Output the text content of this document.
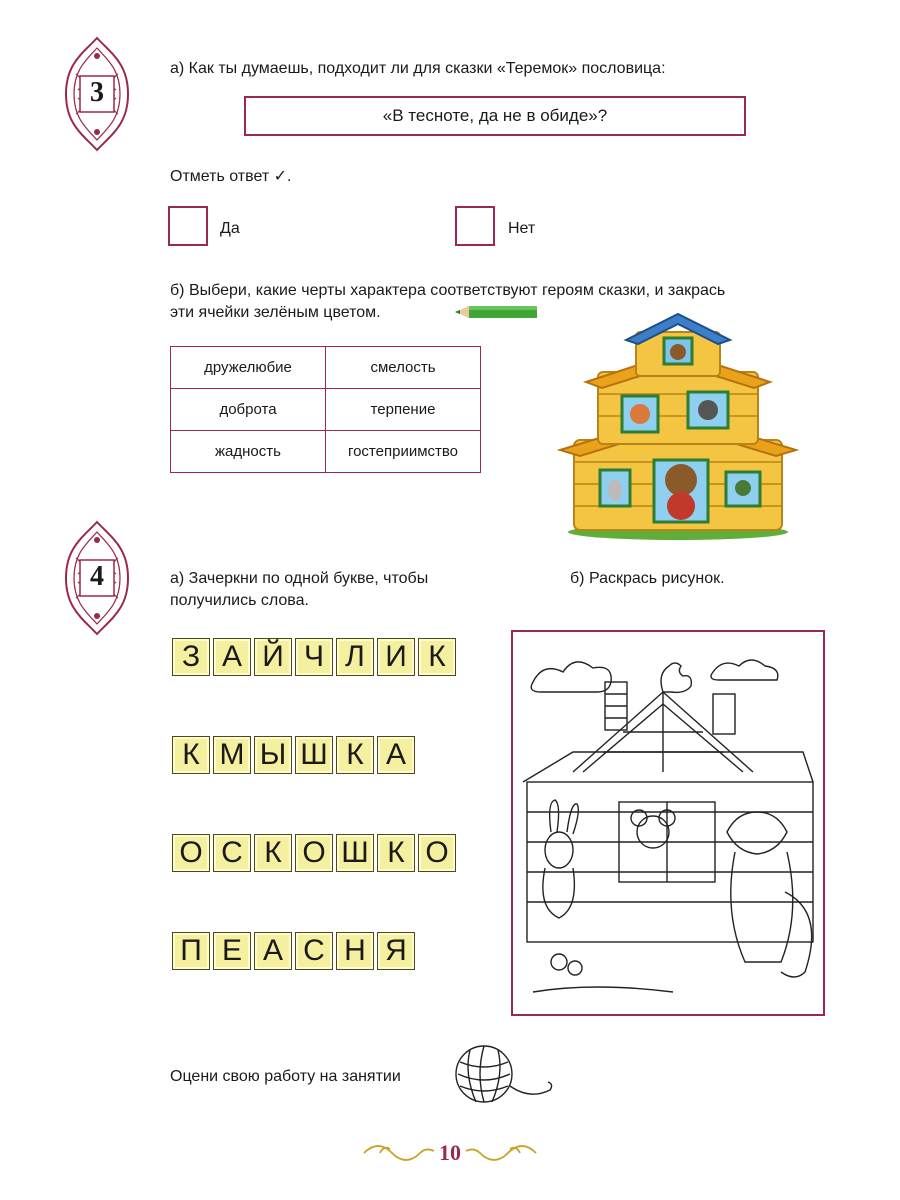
3
а) Как ты думаешь, подходит ли для сказки «Теремок» пословица:
«В тесноте, да не в обиде»?
Отметь ответ ✓.
Да	Нет
б) Выбери, какие черты характера соответствуют героям сказки, и закрась
эти ячейки зелёным цветом.
дружелюбие	смелость
доброта	терпение
жадность	гостеприимство
4	а) Зачеркни по одной букве, чтобы
получились слова.
б) Раскрась рисунок.
З А Й Ч Л И К
К М Ы Ш К А
О С К О Ш К О
П Е А С Н Я
Оцени свою работу на занятии
10
